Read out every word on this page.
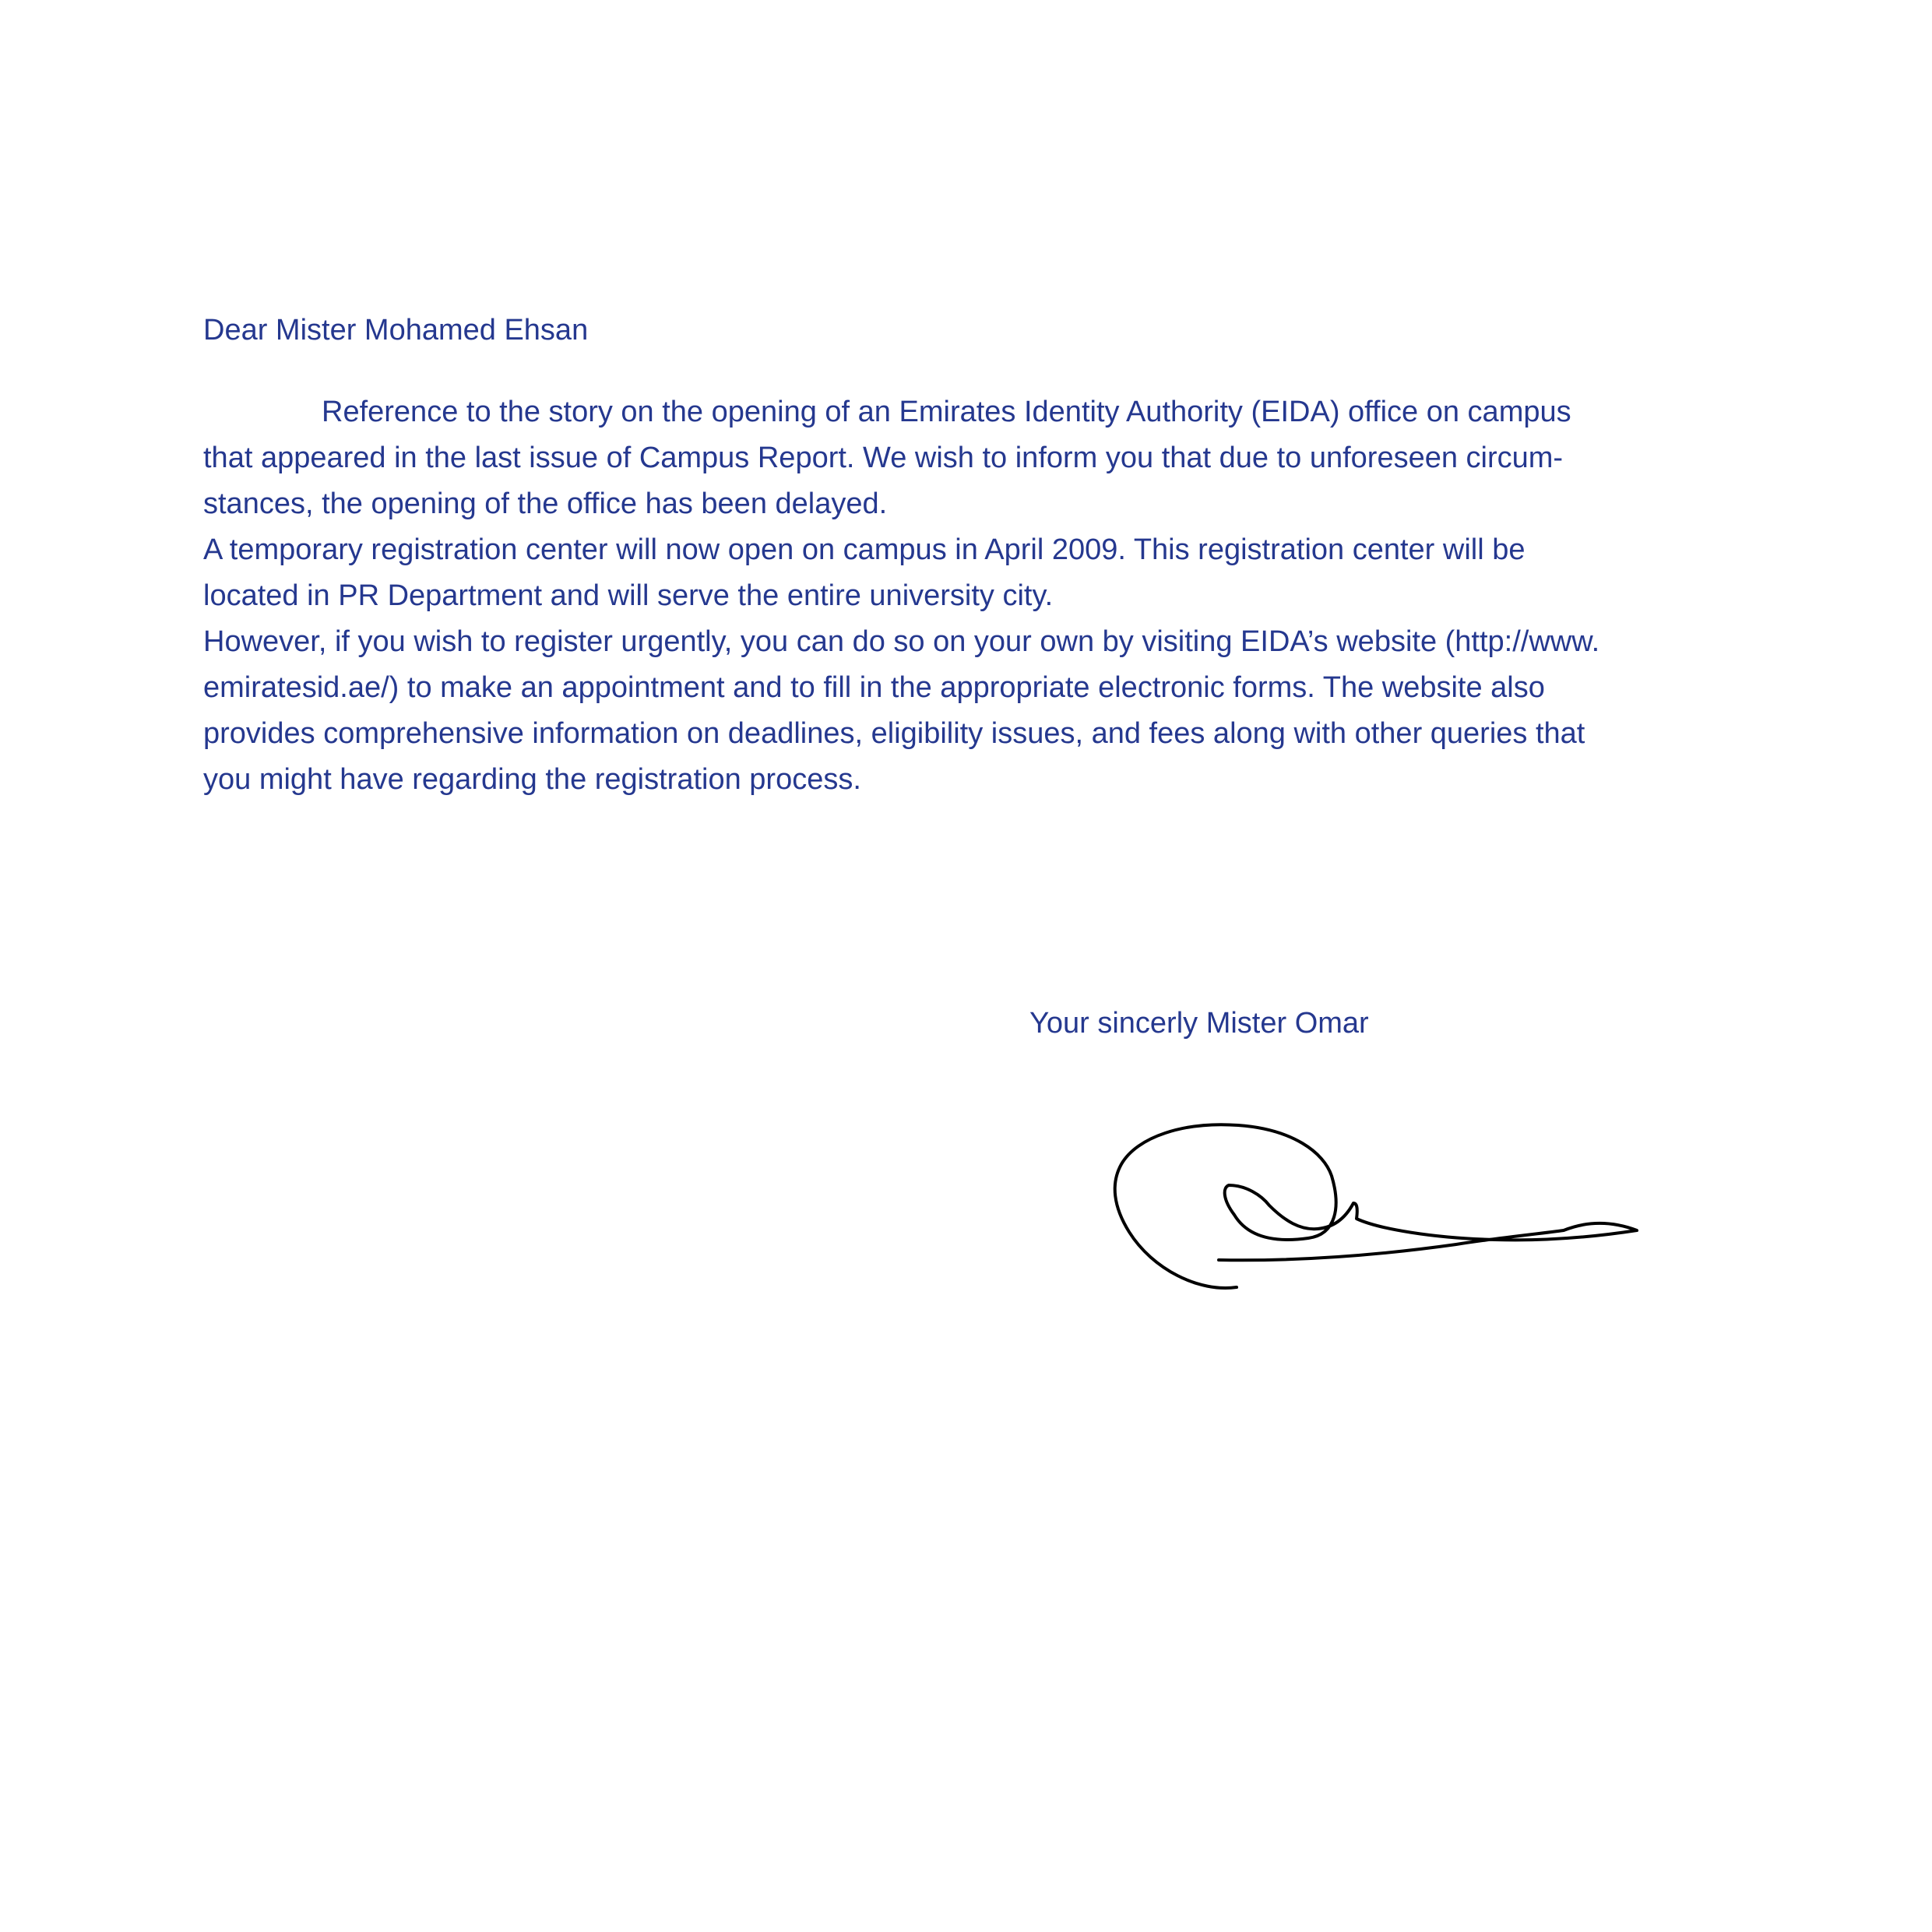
Dear Mister Mohamed Ehsan

Reference to the story on the opening of an Emirates Identity Authority (EIDA) office on campus
that appeared in the last issue of Campus Report. We wish to inform you that due to unforeseen circum-
stances, the opening of the office has been delayed.
A temporary registration center will now open on campus in April 2009. This registration center will be
located in PR Department and will serve the entire university city.
However, if you wish to register urgently, you can do so on your own by visiting EIDA’s website (http://www.
emiratesid.ae/) to make an appointment and to fill in the appropriate electronic forms. The website also
provides comprehensive information on deadlines, eligibility issues, and fees along with other queries that
you might have regarding the registration process.

Your sincerly Mister Omar
